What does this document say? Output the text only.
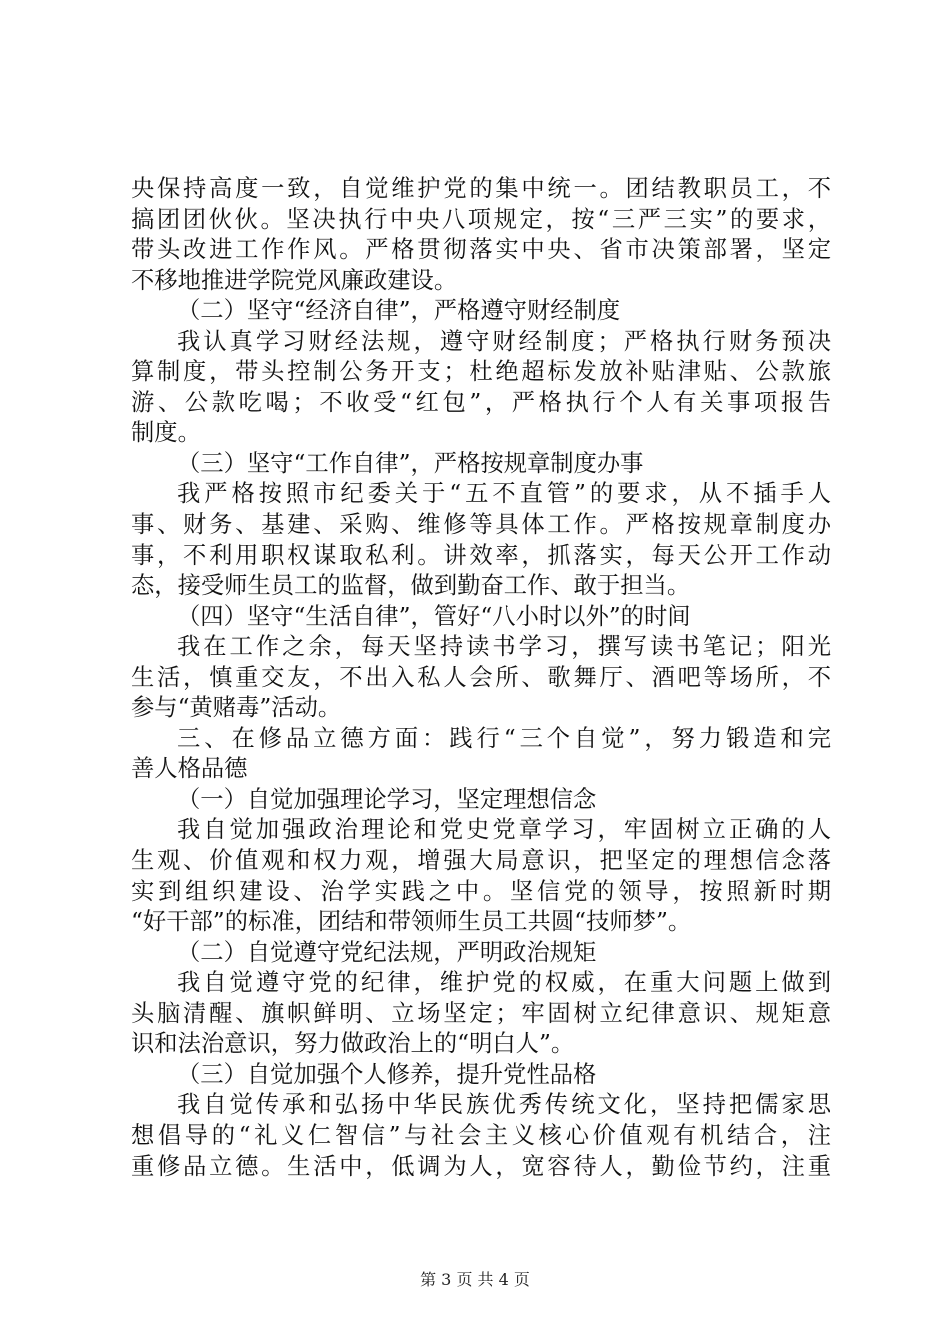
央保持高度一致，自觉维护党的集中统一。团结教职员工，不
搞团团伙伙。坚决执行中央八项规定，按“三严三实”的要求，
带头改进工作作风。严格贯彻落实中央、省市决策部署，坚定
不移地推进学院党风廉政建设。
（二）坚守“经济自律”，严格遵守财经制度
我认真学习财经法规，遵守财经制度；严格执行财务预决
算制度，带头控制公务开支；杜绝超标发放补贴津贴、公款旅
游、公款吃喝；不收受“红包”，严格执行个人有关事项报告
制度。
（三）坚守“工作自律”，严格按规章制度办事
我严格按照市纪委关于“五不直管”的要求，从不插手人
事、财务、基建、采购、维修等具体工作。严格按规章制度办
事，不利用职权谋取私利。讲效率，抓落实，每天公开工作动
态，接受师生员工的监督，做到勤奋工作、敢于担当。
（四）坚守“生活自律”，管好“八小时以外”的时间
我在工作之余，每天坚持读书学习，撰写读书笔记；阳光
生活，慎重交友，不出入私人会所、歌舞厅、酒吧等场所，不
参与“黄赌毒”活动。
三、在修品立德方面：践行“三个自觉”，努力锻造和完
善人格品德
（一）自觉加强理论学习，坚定理想信念
我自觉加强政治理论和党史党章学习，牢固树立正确的人
生观、价值观和权力观，增强大局意识，把坚定的理想信念落
实到组织建设、治学实践之中。坚信党的领导，按照新时期
“好干部”的标准，团结和带领师生员工共圆“技师梦”。
（二）自觉遵守党纪法规，严明政治规矩
我自觉遵守党的纪律，维护党的权威，在重大问题上做到
头脑清醒、旗帜鲜明、立场坚定；牢固树立纪律意识、规矩意
识和法治意识，努力做政治上的“明白人”。
（三）自觉加强个人修养，提升党性品格
我自觉传承和弘扬中华民族优秀传统文化，坚持把儒家思
想倡导的“礼义仁智信”与社会主义核心价值观有机结合，注
重修品立德。生活中，低调为人，宽容待人，勤俭节约，注重
第 3 页 共 4 页
